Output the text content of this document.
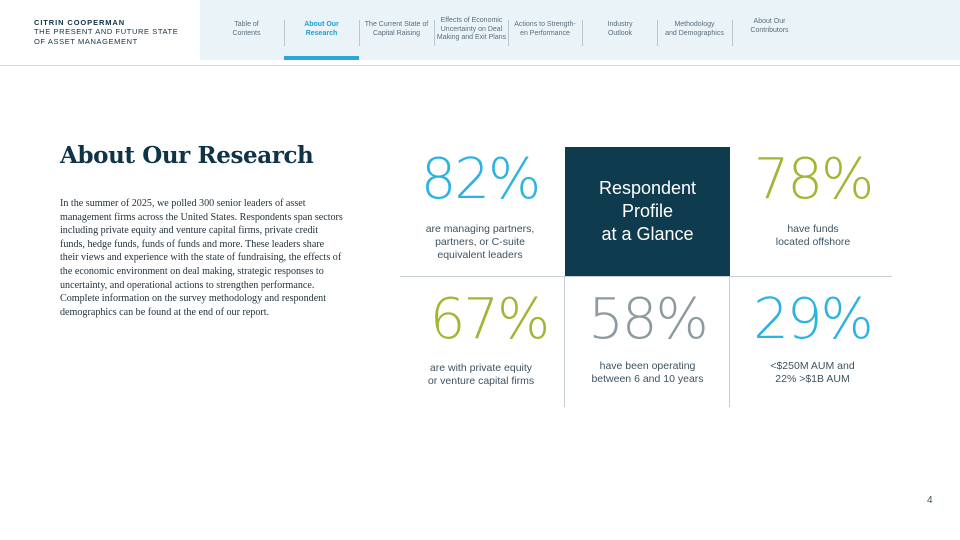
CITRIN COOPERMAN
THE PRESENT AND FUTURE STATE
OF ASSET MANAGEMENT
Table of
Contents
About Our
Research
The Current State of
Capital Raising
Effects of Economic
Uncertainty on Deal
Making and Exit Plans
Actions to Strength-
en Performance
Industry
Outlook
Methodology
and Demographics
About Our
Contributors
About Our Research

In the summer of 2025, we polled 300 senior leaders of asset management firms across the United States. Respondents span sectors including private equity and venture capital firms, private credit funds, hedge funds, funds of funds and more. These leaders share their views and experience with the state of fundraising, the effects of the economic environment on deal making, strategic responses to uncertainty, and operational actions to strengthen performance. Complete information on the survey methodology and respondent demographics can be found at the end of our report.

82%
are managing partners,
partners, or C-suite
equivalent leaders
Respondent
Profile
at a Glance
78%
have funds
located offshore
67%
are with private equity
or venture capital firms
58%
have been operating
between 6 and 10 years
29%
<$250M AUM and
22% >$1B AUM
4
